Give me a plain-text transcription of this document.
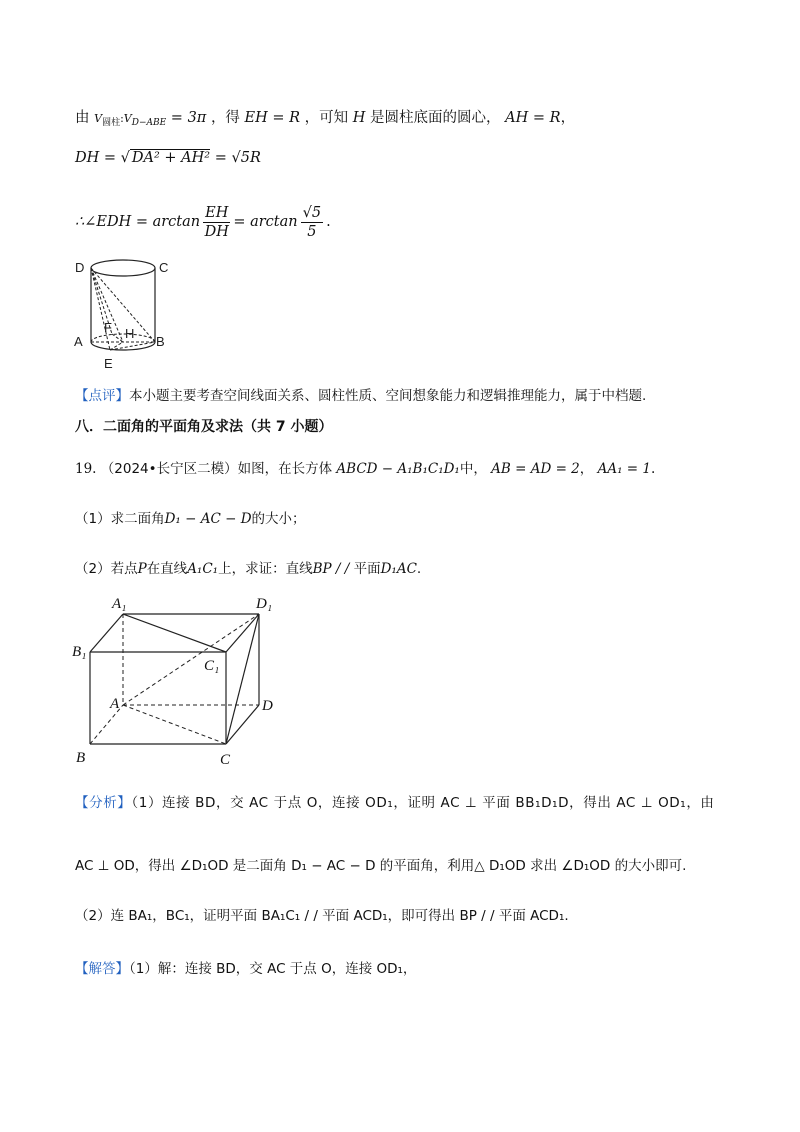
由 $V_{圆柱}:V_{D-ABE} = 3\pi$ ，得 EH = R ，可知 H 是圆柱底面的圆心， AH = R，
DH = √ DA² + AH² = √5R
∴∠EDH = $\arctan \frac{EH}{DH} = \arctan \frac{√5}{5}$ .
D	C
A	B
E
F H
【点评】本小题主要考查空间线面关系、圆柱性质、空间想象能力和逻辑推理能力，属于中档题.
八．二面角的平面角及求法（共 7 小题）
19. （2024•长宁区二模）如图，在长方体 ABCD − A₁B₁C₁D₁中， AB = AD = 2， AA₁ = 1.
（1）求二面角D₁ − AC − D的大小；
（2）若点P在直线A₁C₁上，求证：直线BP / / 平面D₁AC.
A₁	D₁
B₁
C₁
A	D
B	C
【分析】（1）连接 BD，交 AC 于点 O，连接 OD₁，证明 AC ⊥ 平面 BB₁D₁D，得出 AC ⊥ OD₁，由
AC ⊥ OD，得出 ∠D₁OD 是二面角 D₁ − AC − D 的平面角，利用△ D₁OD 求出 ∠D₁OD 的大小即可.
（2）连 BA₁，BC₁，证明平面 BA₁C₁ / / 平面 ACD₁，即可得出 BP / / 平面 ACD₁.
【解答】（1）解：连接 BD，交 AC 于点 O，连接 OD₁，
